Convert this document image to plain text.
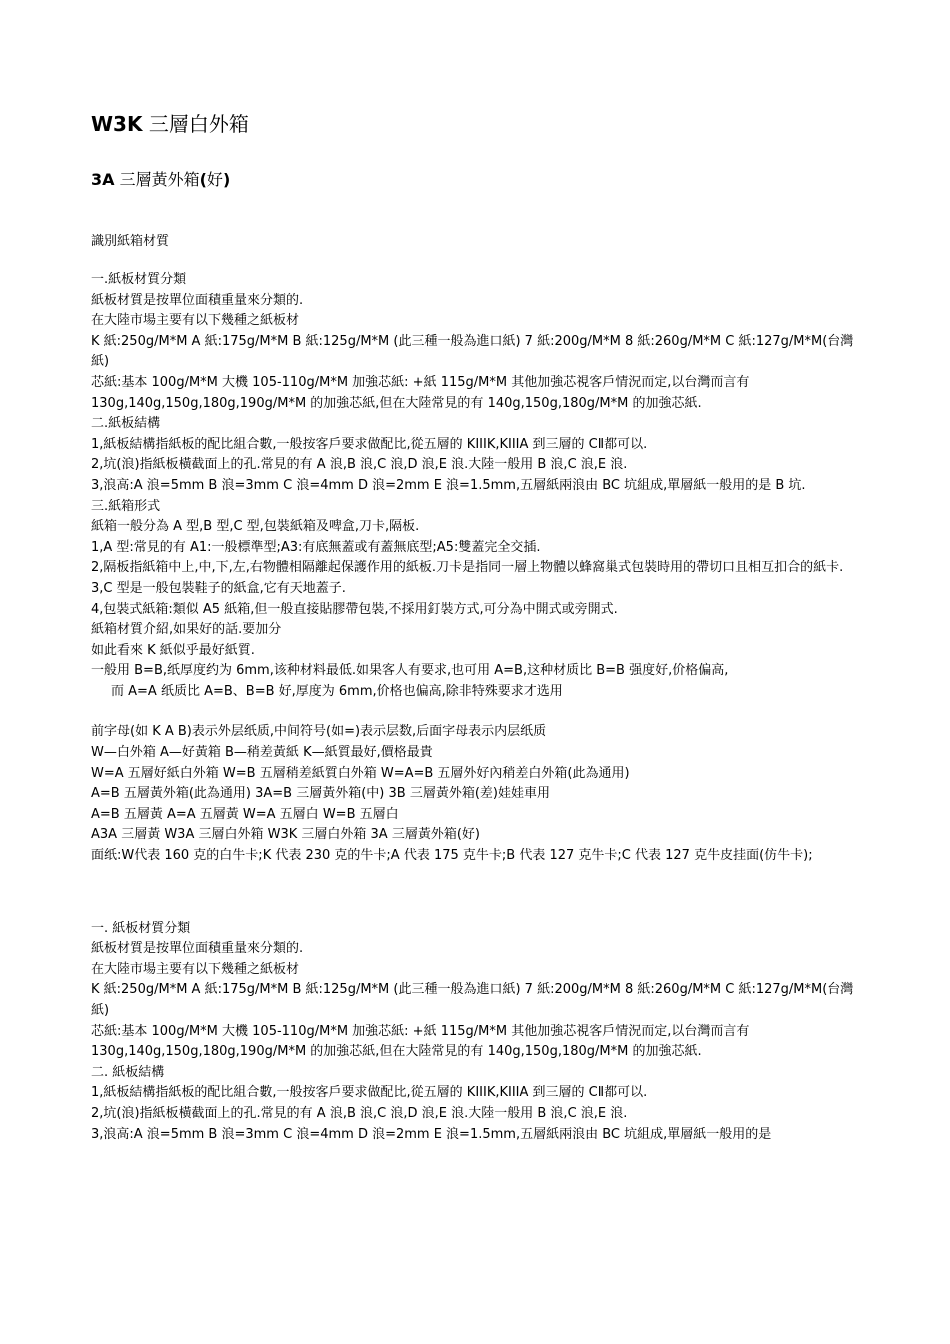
W3K 三層白外箱
3A 三層黃外箱(好)

識別紙箱材質

一.紙板材質分類

紙板材質是按單位面積重量來分類的.

在大陸市場主要有以下幾種之紙板材

K 紙:250g/M*M A 紙:175g/M*M B 紙:125g/M*M (此三種一般為進口紙) 7 紙:200g/M*M 8 紙:260g/M*M C 紙:127g/M*M(台灣紙)

芯紙:基本 100g/M*M 大機 105-110g/M*M 加強芯紙: +紙 115g/M*M 其他加強芯視客戶情況而定,以台灣而言有 130g,140g,150g,180g,190g/M*M 的加強芯紙,但在大陸常見的有 140g,150g,180g/M*M 的加強芯紙.

二.紙板結構

1,紙板結構指紙板的配比組合數,一般按客戶要求做配比,從五層的 KIIIK,KIIIA 到三層的 CⅡ都可以.

2,坑(浪)指紙板橫截面上的孔.常見的有 A 浪,B 浪,C 浪,D 浪,E 浪.大陸一般用 B 浪,C 浪,E 浪.

3,浪高:A 浪=5mm B 浪=3mm C 浪=4mm D 浪=2mm E 浪=1.5mm,五層紙兩浪由 BC 坑組成,單層紙一般用的是 B 坑.

三.紙箱形式

紙箱一般分為 A 型,B 型,C 型,包裝紙箱及啤盒,刀卡,隔板.

1,A 型:常見的有 A1:一般標準型;A3:有底無蓋或有蓋無底型;A5:雙蓋完全交插.

2,隔板指紙箱中上,中,下,左,右物體相隔離起保護作用的紙板.刀卡是指同一層上物體以蜂窩巢式包裝時用的帶切口且相互扣合的紙卡.

3,C 型是一般包裝鞋子的紙盒,它有天地蓋子.

4,包裝式紙箱:類似 A5 紙箱,但一般直接貼膠帶包裝,不採用釘裝方式,可分為中開式或旁開式.

紙箱材質介紹,如果好的話.要加分

如此看來 K 紙似乎最好紙質.

一般用 B=B,纸厚度约为 6mm,该种材料最低.如果客人有要求,也可用 A=B,这种材质比 B=B 强度好,价格偏高,

而 A=A 纸质比 A=B、B=B 好,厚度为 6mm,价格也偏高,除非特殊要求才选用

前字母(如 K A B)表示外层纸质,中间符号(如=)表示层数,后面字母表示内层纸质

W—白外箱 A—好黃箱 B—稍差黃紙 K—紙質最好,價格最貴

W=A 五層好紙白外箱 W=B 五層稍差紙質白外箱 W=A=B 五層外好內稍差白外箱(此為通用)

A=B 五層黃外箱(此為通用) 3A=B 三層黃外箱(中) 3B 三層黃外箱(差)娃娃車用

A=B 五層黃 A=A 五層黃 W=A 五層白 W=B 五層白

A3A 三層黃 W3A 三層白外箱 W3K 三層白外箱 3A 三層黃外箱(好)

面纸:W代表 160 克的白牛卡;K 代表 230 克的牛卡;A 代表 175 克牛卡;B 代表 127 克牛卡;C 代表 127 克牛皮挂面(仿牛卡);

一. 紙板材質分類

紙板材質是按單位面積重量來分類的.

在大陸市場主要有以下幾種之紙板材

K 紙:250g/M*M A 紙:175g/M*M B 紙:125g/M*M (此三種一般為進口紙) 7 紙:200g/M*M 8 紙:260g/M*M C 紙:127g/M*M(台灣紙)

芯紙:基本 100g/M*M 大機 105-110g/M*M 加強芯紙: +紙 115g/M*M 其他加強芯視客戶情況而定,以台灣而言有 130g,140g,150g,180g,190g/M*M 的加強芯紙,但在大陸常見的有 140g,150g,180g/M*M 的加強芯紙.

二. 紙板結構

1,紙板結構指紙板的配比組合數,一般按客戶要求做配比,從五層的 KIIIK,KIIIA 到三層的 CⅡ都可以.

2,坑(浪)指紙板橫截面上的孔.常見的有 A 浪,B 浪,C 浪,D 浪,E 浪.大陸一般用 B 浪,C 浪,E 浪.

3,浪高:A 浪=5mm B 浪=3mm C 浪=4mm D 浪=2mm E 浪=1.5mm,五層紙兩浪由 BC 坑組成,單層紙一般用的是
